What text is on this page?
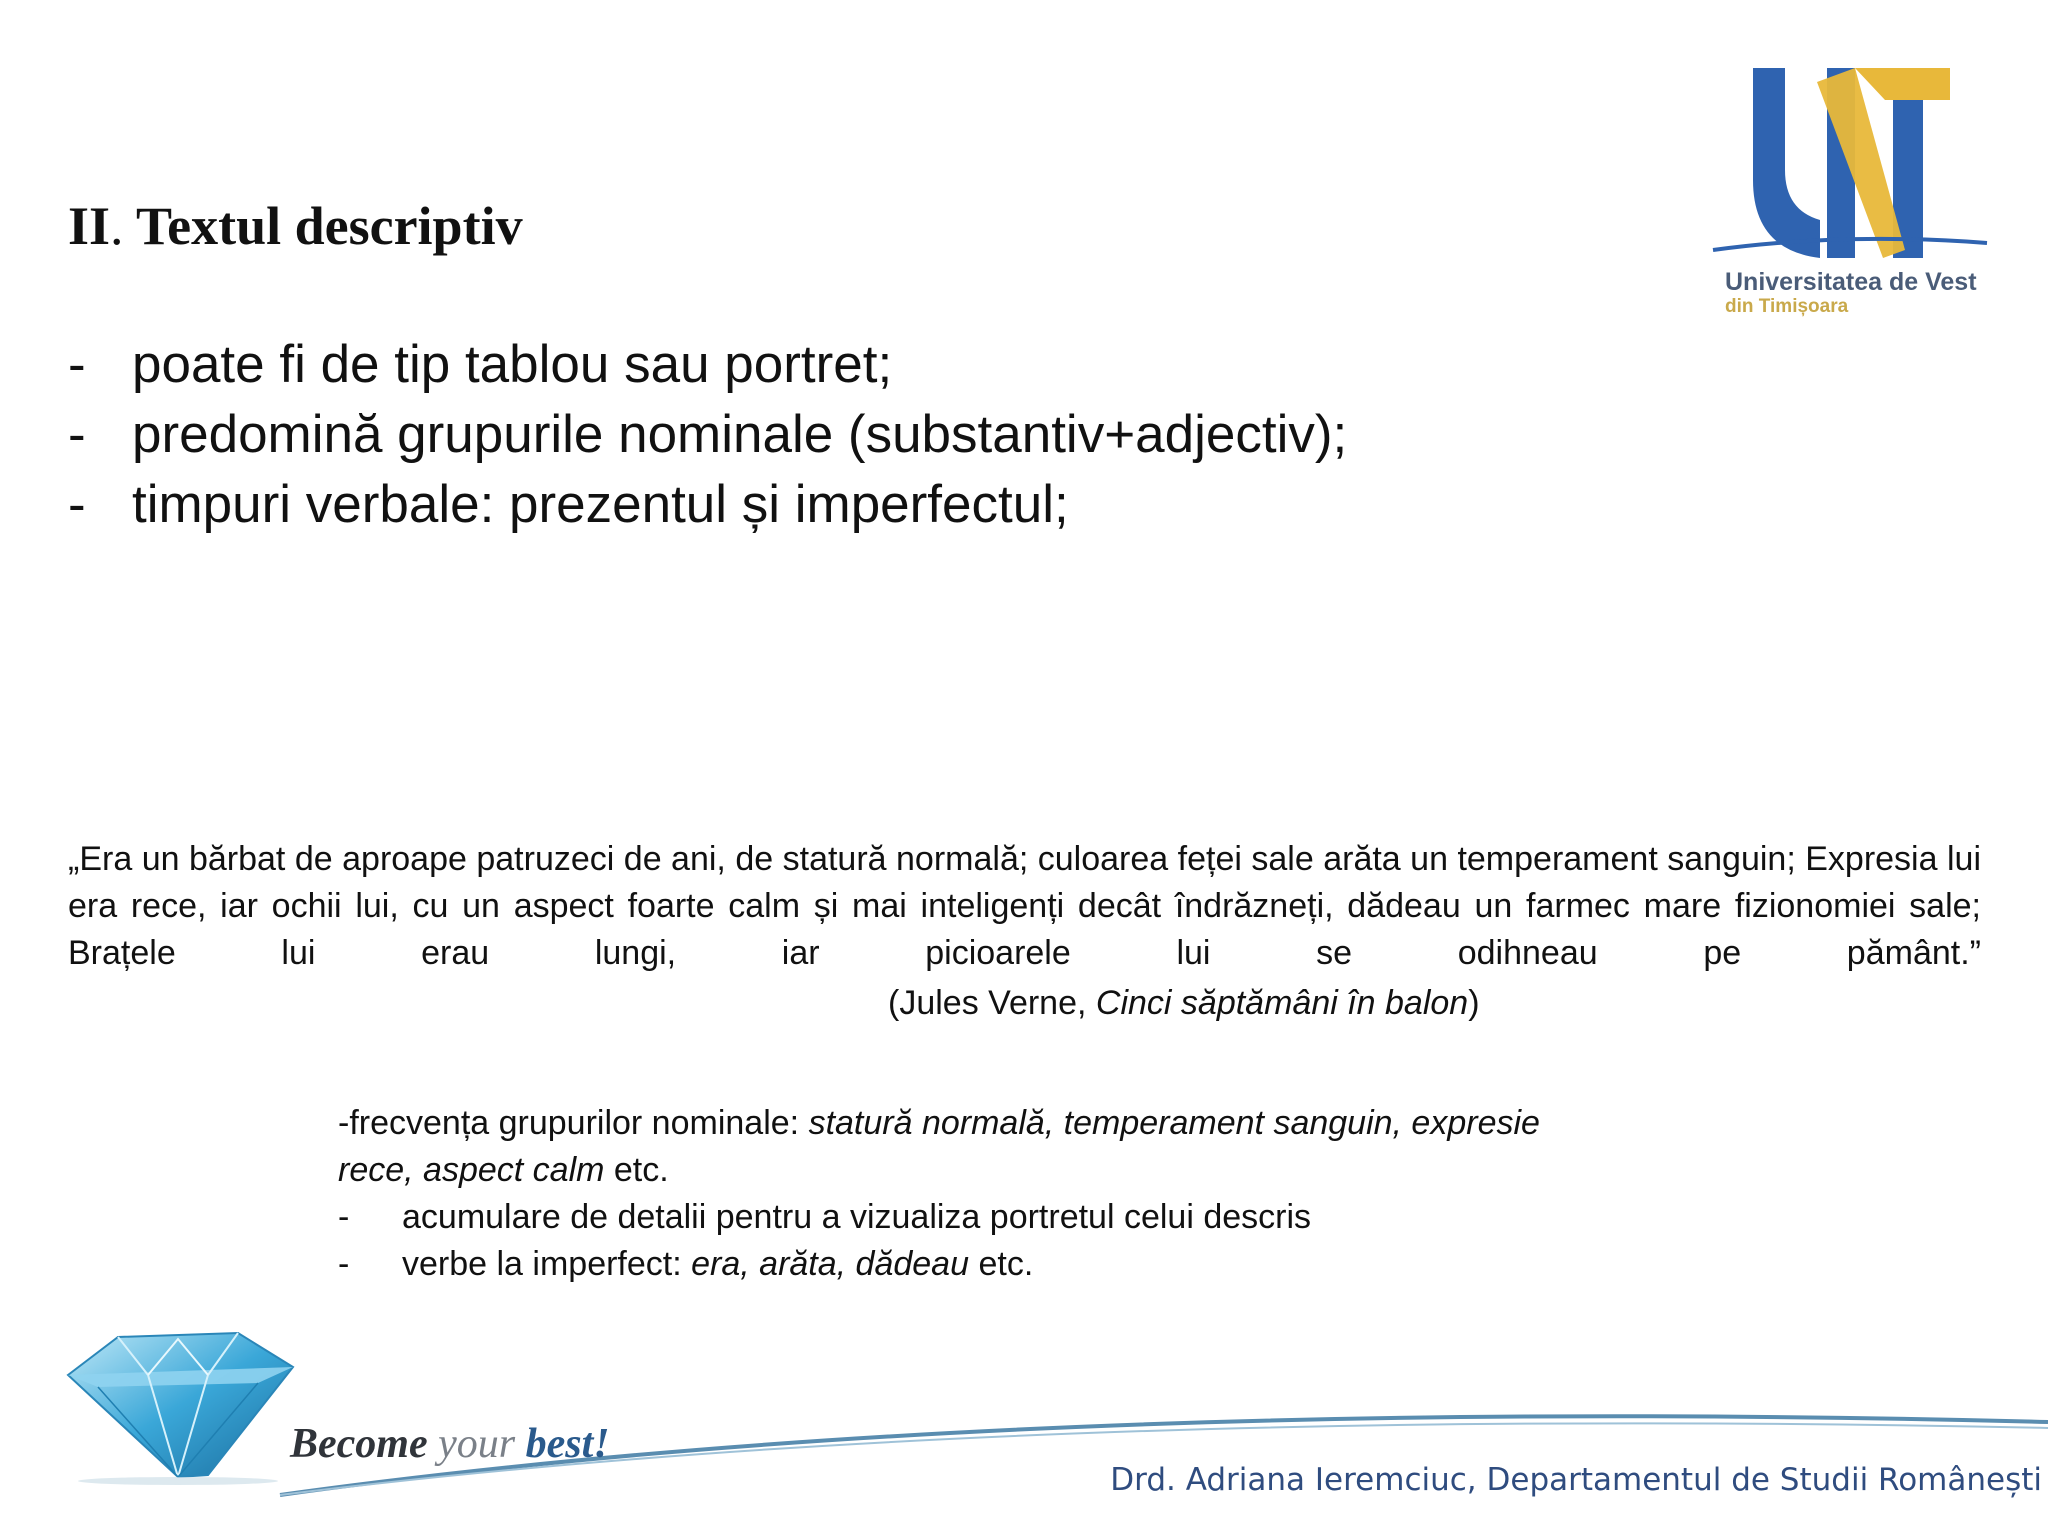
Universitatea de Vest
din Timișoara
II. Textul descriptiv
- poate fi de tip tablou sau portret;
- predomină grupurile nominale (substantiv+adjectiv);
- timpuri verbale: prezentul și imperfectul;
„Era un bărbat de aproape patruzeci de ani, de statură normală; culoarea feței sale arăta un temperament sanguin; Expresia lui era rece, iar ochii lui, cu un aspect foarte calm și mai inteligenți decât îndrăzneți, dădeau un farmec mare fizionomiei sale; Brațele lui erau lungi, iar picioarele lui se odihneau pe pământ.”
(Jules Verne, Cinci săptămâni în balon)
-frecvența grupurilor nominale: statură normală, temperament sanguin, expresie
rece, aspect calm etc.
- acumulare de detalii pentru a vizualiza portretul celui descris
- verbe la imperfect: era, arăta, dădeau etc.
Become your best!
Drd. Adriana Ieremciuc, Departamentul de Studii Românești
